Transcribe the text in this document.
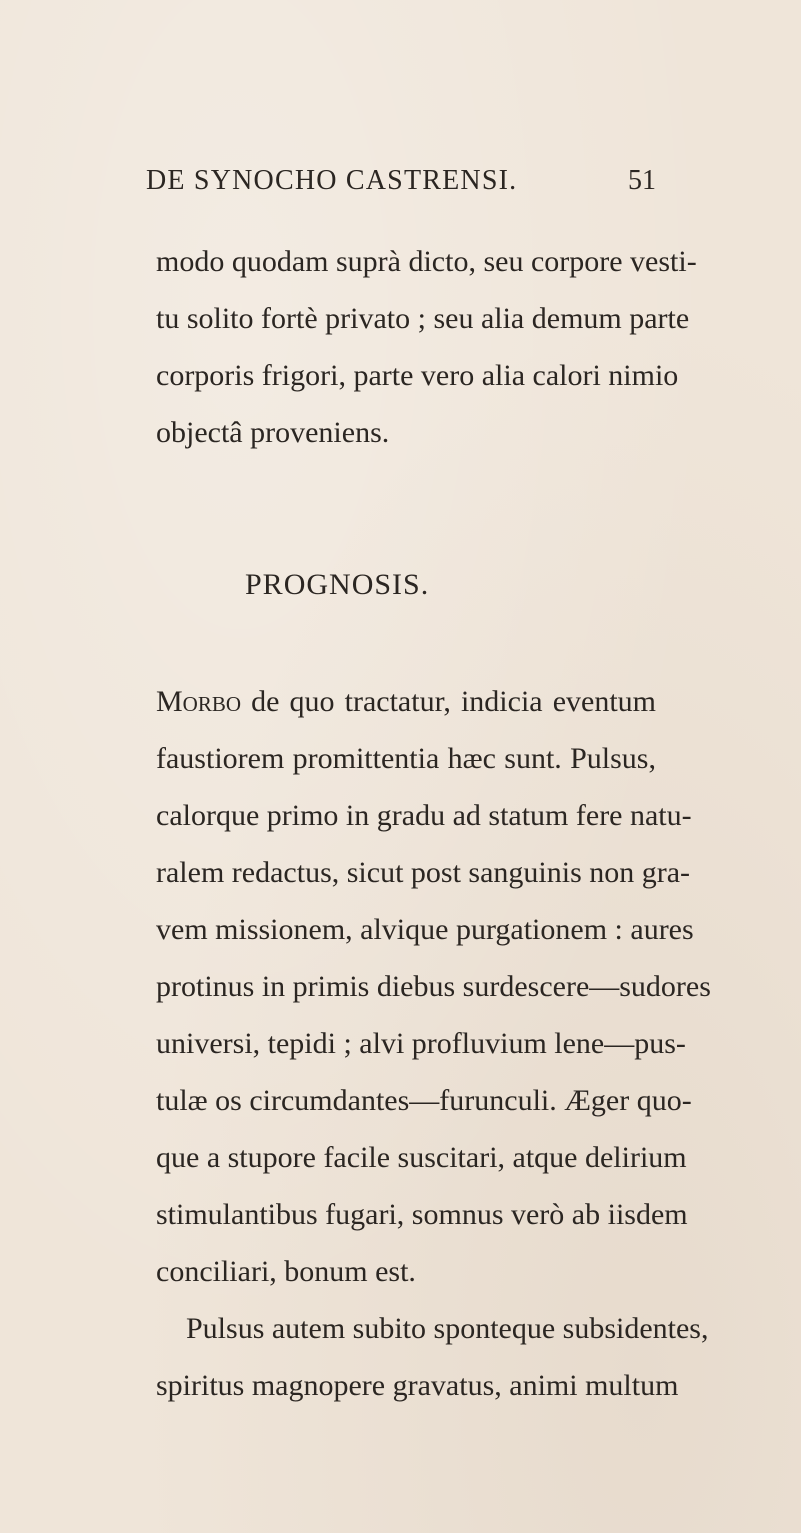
DE SYNOCHO CASTRENSI.	51
modo quodam suprà dicto, seu corpore vesti-
tu solito fortè privato ; seu alia demum parte
corporis frigori, parte vero alia calori nimio
objectâ proveniens.
PROGNOSIS.
Morbo de quo tractatur, indicia eventum
faustiorem promittentia hæc sunt. Pulsus,
calorque primo in gradu ad statum fere natu-
ralem redactus, sicut post sanguinis non gra-
vem missionem, alvique purgationem : aures
protinus in primis diebus surdescere—sudores
universi, tepidi ; alvi profluvium lene—pus-
tulæ os circumdantes—furunculi. Æger quo-
que a stupore facile suscitari, atque delirium
stimulantibus fugari, somnus verò ab iisdem
conciliari, bonum est.
Pulsus autem subito sponteque subsidentes,
spiritus magnopere gravatus, animi multum
